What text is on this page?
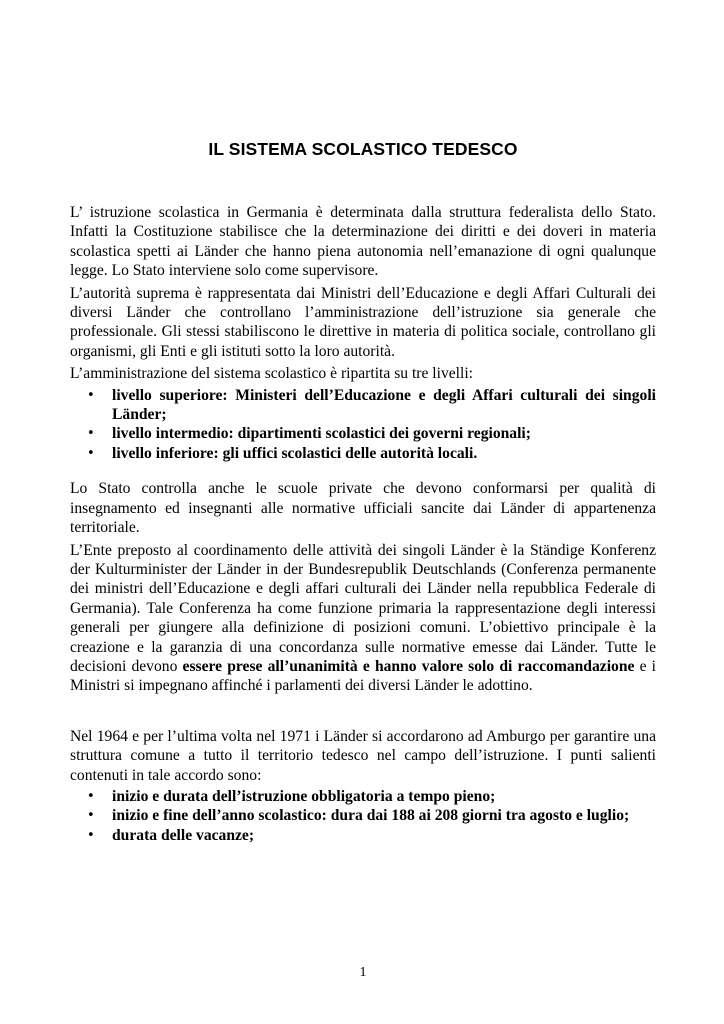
IL SISTEMA SCOLASTICO TEDESCO

L’ istruzione scolastica in Germania è determinata dalla struttura federalista dello Stato. Infatti la Costituzione stabilisce che la determinazione dei diritti e dei doveri in materia scolastica spetti ai Länder che hanno piena autonomia nell’emanazione di ogni qualunque legge. Lo Stato interviene solo come supervisore.

L’autorità suprema è rappresentata dai Ministri dell’Educazione e degli Affari Culturali dei diversi Länder che controllano l’amministrazione dell’istruzione sia generale che professionale. Gli stessi stabiliscono le direttive in materia di politica sociale, controllano gli organismi, gli Enti e gli istituti sotto la loro autorità.

L’amministrazione del sistema scolastico è ripartita su tre livelli:

• livello superiore: Ministeri dell’Educazione e degli Affari culturali dei singoli Länder;
• livello intermedio: dipartimenti scolastici dei governi regionali;
• livello inferiore: gli uffici scolastici delle autorità locali.

Lo Stato controlla anche le scuole private che devono conformarsi per qualità di insegnamento ed insegnanti alle normative ufficiali sancite dai Länder di appartenenza territoriale.

L’Ente preposto al coordinamento delle attività dei singoli Länder è la Ständige Konferenz der Kulturminister der Länder in der Bundesrepublik Deutschlands (Conferenza permanente dei ministri dell’Educazione e degli affari culturali dei Länder nella repubblica Federale di Germania). Tale Conferenza ha come funzione primaria la rappresentazione degli interessi generali per giungere alla definizione di posizioni comuni. L’obiettivo principale è la creazione e la garanzia di una concordanza sulle normative emesse dai Länder. Tutte le decisioni devono essere prese all’unanimità e hanno valore solo di raccomandazione e i Ministri si impegnano affinché i parlamenti dei diversi Länder le adottino.

Nel 1964 e per l’ultima volta nel 1971 i Länder si accordarono ad Amburgo per garantire una struttura comune a tutto il territorio tedesco nel campo dell’istruzione. I punti salienti contenuti in tale accordo sono:

• inizio e durata dell’istruzione obbligatoria a tempo pieno;
• inizio e fine dell’anno scolastico: dura dai 188 ai 208 giorni tra agosto e luglio;
• durata delle vacanze;
1
